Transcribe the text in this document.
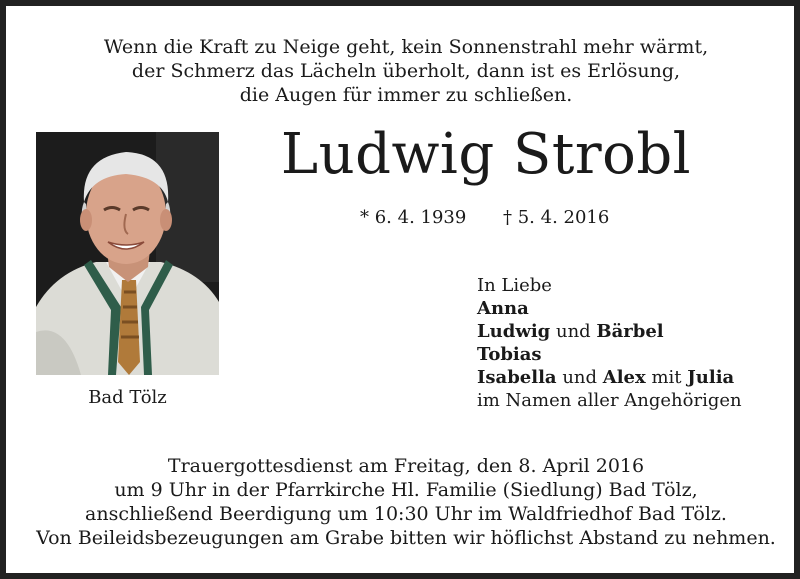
Wenn die Kraft zu Neige geht, kein Sonnenstrahl mehr wärmt,
der Schmerz das Lächeln überholt, dann ist es Erlösung,
die Augen für immer zu schließen.
Bad Tölz
Ludwig Strobl
* 6. 4. 1939 † 5. 4. 2016
In Liebe
Anna
Ludwig und Bärbel
Tobias
Isabella und Alex mit Julia
im Namen aller Angehörigen
Trauergottesdienst am Freitag, den 8. April 2016
um 9 Uhr in der Pfarrkirche Hl. Familie (Siedlung) Bad Tölz,
anschließend Beerdigung um 10:30 Uhr im Waldfriedhof Bad Tölz.
Von Beileidsbezeugungen am Grabe bitten wir höflichst Abstand zu nehmen.
